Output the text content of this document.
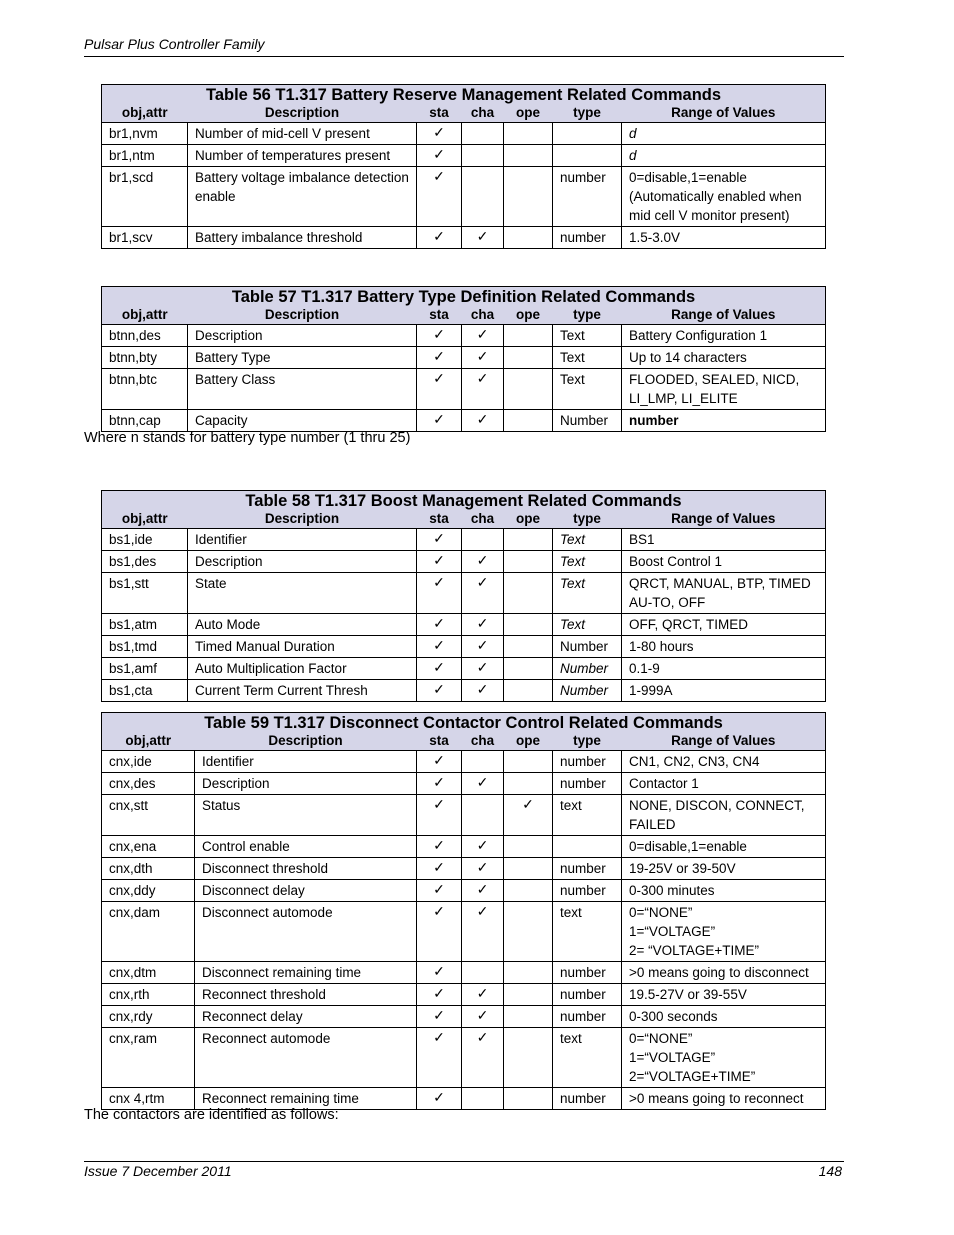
Pulsar Plus Controller Family
Table 56 T1.317 Battery Reserve Management Related Commands						
obj,attr	Description	sta	cha	ope	type	Range of Values
br1,nvm	Number of mid-cell V present	✓				d
br1,ntm	Number of temperatures present	✓				d
br1,scd	Battery voltage imbalance detection enable	✓			number	0=disable,1=enable (Automatically enabled when mid cell V monitor present)
br1,scv	Battery imbalance threshold	✓	✓		number	1.5-3.0V
Table 57 T1.317 Battery Type Definition Related Commands						
obj,attr	Description	sta	cha	ope	type	Range of Values
btnn,des	Description	✓	✓		Text	Battery Configuration 1
btnn,bty	Battery Type	✓	✓		Text	Up to 14 characters
btnn,btc	Battery Class	✓	✓		Text	FLOODED, SEALED, NICD, LI_LMP, LI_ELITE
btnn,cap	Capacity	✓	✓		Number	number
Where n stands for battery type number (1 thru 25)
Table 58 T1.317 Boost Management Related Commands						
obj,attr	Description	sta	cha	ope	type	Range of Values
bs1,ide	Identifier	✓			Text	BS1
bs1,des	Description	✓	✓		Text	Boost Control 1
bs1,stt	State	✓	✓		Text	QRCT, MANUAL, BTP, TIMED AU-TO, OFF
bs1,atm	Auto Mode	✓	✓		Text	OFF, QRCT, TIMED
bs1,tmd	Timed Manual Duration	✓	✓		Number	1-80 hours
bs1,amf	Auto Multiplication Factor	✓	✓		Number	0.1-9
bs1,cta	Current Term Current Thresh	✓	✓		Number	1-999A
Table 59 T1.317 Disconnect Contactor Control Related Commands						
obj,attr	Description	sta	cha	ope	type	Range of Values
cnx,ide	Identifier	✓			number	CN1, CN2, CN3, CN4
cnx,des	Description	✓	✓		number	Contactor 1
cnx,stt	Status	✓		✓	text	NONE, DISCON, CONNECT, FAILED
cnx,ena	Control enable	✓	✓			0=disable,1=enable
cnx,dth	Disconnect threshold	✓	✓		number	19-25V or 39-50V
cnx,ddy	Disconnect delay	✓	✓		number	0-300 minutes
cnx,dam	Disconnect automode	✓	✓		text	0=“NONE”
1=“VOLTAGE”
2= “VOLTAGE+TIME”
cnx,dtm	Disconnect remaining time	✓			number	>0 means going to disconnect
cnx,rth	Reconnect threshold	✓	✓		number	19.5-27V or 39-55V
cnx,rdy	Reconnect delay	✓	✓		number	0-300 seconds
cnx,ram	Reconnect automode	✓	✓		text	0=“NONE”
1=“VOLTAGE”
2=“VOLTAGE+TIME”
cnx 4,rtm	Reconnect remaining time	✓			number	>0 means going to reconnect
The contactors are identified as follows:
Issue 7 December 2011	148
